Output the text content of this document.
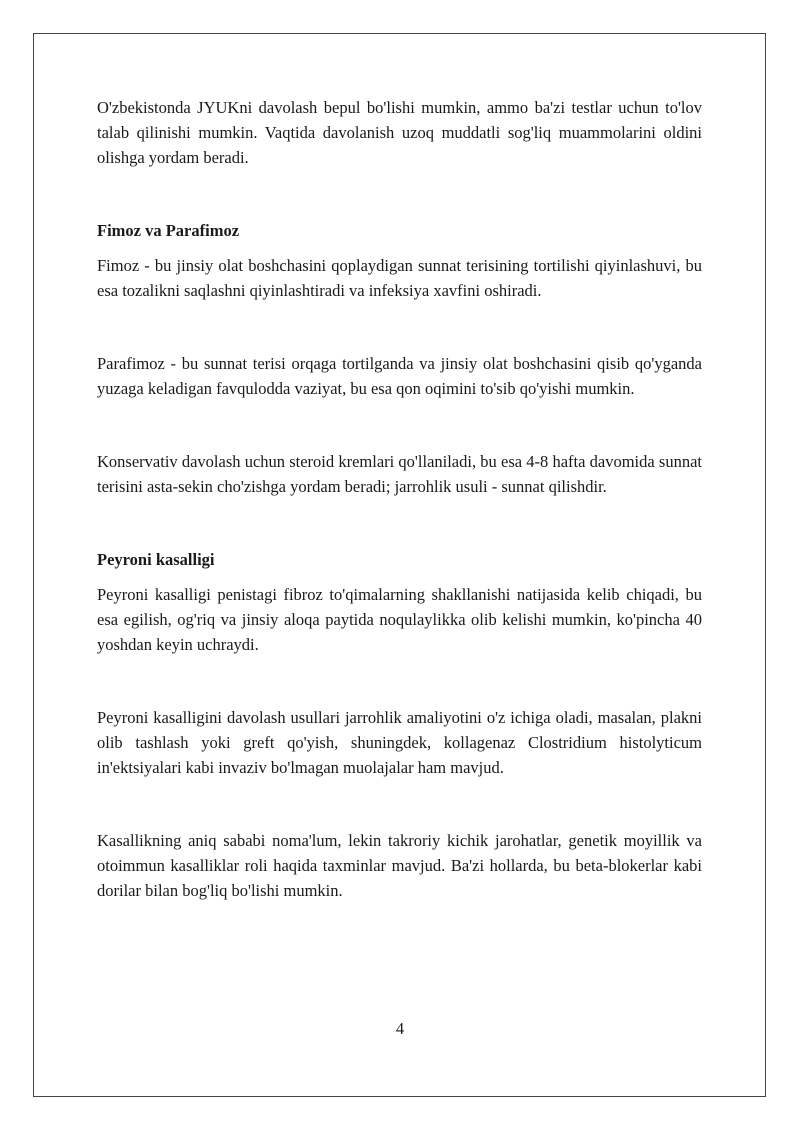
O'zbekistonda JYUKni davolash bepul bo'lishi mumkin, ammo ba'zi testlar uchun to'lov talab qilinishi mumkin. Vaqtida davolanish uzoq muddatli sog'liq muammolarini oldini olishga yordam beradi.

Fimoz va Parafimoz

Fimoz - bu jinsiy olat boshchasini qoplaydigan sunnat terisining tortilishi qiyinlashuvi, bu esa tozalikni saqlashni qiyinlashtiradi va infeksiya xavfini oshiradi.

Parafimoz - bu sunnat terisi orqaga tortilganda va jinsiy olat boshchasini qisib qo'yganda yuzaga keladigan favqulodda vaziyat, bu esa qon oqimini to'sib qo'yishi mumkin.

Konservativ davolash uchun steroid kremlari qo'llaniladi, bu esa 4-8 hafta davomida sunnat terisini asta-sekin cho'zishga yordam beradi; jarrohlik usuli - sunnat qilishdir.

Peyroni kasalligi

Peyroni kasalligi penistagi fibroz to'qimalarning shakllanishi natijasida kelib chiqadi, bu esa egilish, og'riq va jinsiy aloqa paytida noqulaylikka olib kelishi mumkin, ko'pincha 40 yoshdan keyin uchraydi.

Peyroni kasalligini davolash usullari jarrohlik amaliyotini o'z ichiga oladi, masalan, plakni olib tashlash yoki greft qo'yish, shuningdek, kollagenaz Clostridium histolyticum in'ektsiyalari kabi invaziv bo'lmagan muolajalar ham mavjud.

Kasallikning aniq sababi noma'lum, lekin takroriy kichik jarohatlar, genetik moyillik va otoimmun kasalliklar roli haqida taxminlar mavjud. Ba'zi hollarda, bu beta-blokerlar kabi dorilar bilan bog'liq bo'lishi mumkin.

4
